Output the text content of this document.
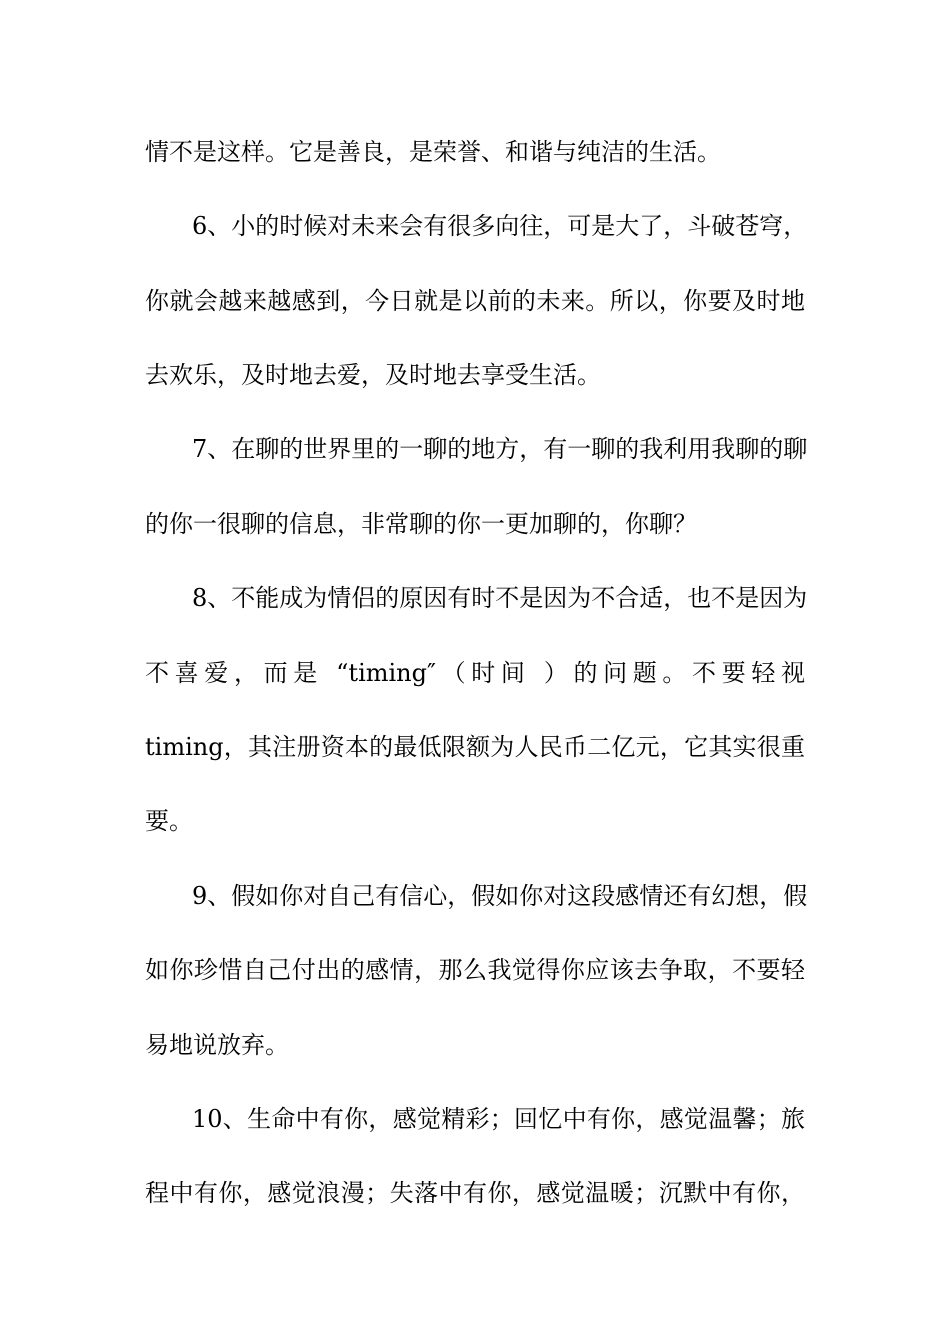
情不是这样。它是善良，是荣誉、和谐与纯洁的生活。
6、小的时候对未来会有很多向往，可是大了，斗破苍穹，
你就会越来越感到，今日就是以前的未来。所以，你要及时地
去欢乐，及时地去爱，及时地去享受生活。
7、在聊的世界里的一聊的地方，有一聊的我利用我聊的聊
的你一很聊的信息，非常聊的你一更加聊的，你聊？
8、不能成为情侣的原因有时不是因为不合适，也不是因为
不喜爱，而是 “timing″（时间 ）的问题。不要轻视
timing，其注册资本的最低限额为人民币二亿元，它其实很重
要。
9、假如你对自己有信心，假如你对这段感情还有幻想，假
如你珍惜自己付出的感情，那么我觉得你应该去争取，不要轻
易地说放弃。
10、生命中有你，感觉精彩；回忆中有你，感觉温馨；旅
程中有你，感觉浪漫；失落中有你，感觉温暖；沉默中有你，
